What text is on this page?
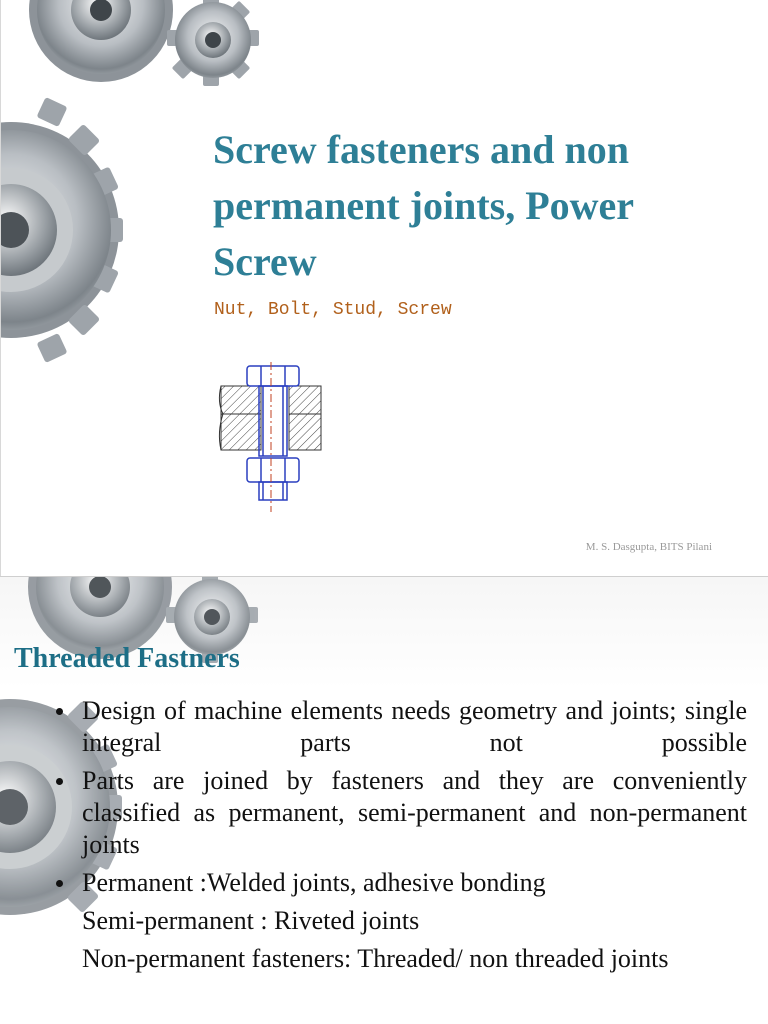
Screw fasteners and non permanent joints, Power Screw
Nut, Bolt, Stud, Screw
M. S. Dasgupta, BITS Pilani
Threaded Fastners
Design of machine elements needs geometry and joints; single integral parts not possible
Parts are joined by fasteners and they are conveniently classified as permanent, semi-permanent and non-permanent joints
Permanent :Welded joints, adhesive bonding
Semi-permanent : Riveted joints
Non-permanent fasteners: Threaded/ non threaded joints
